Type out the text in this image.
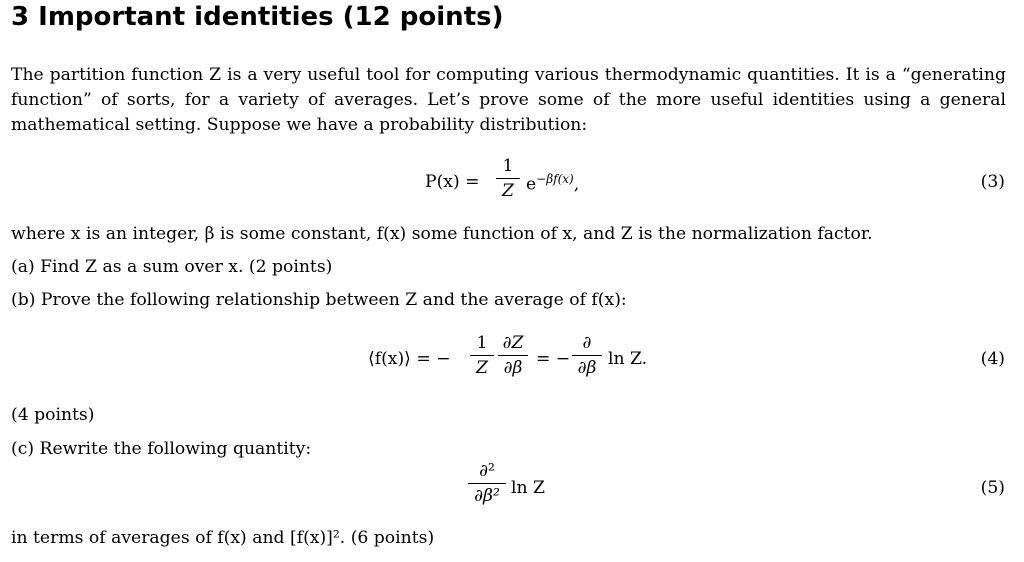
3 Important identities (12 points)
The partition function Z is a very useful tool for computing various thermodynamic quantities. It is a “generating function” of sorts, for a variety of averages. Let’s prove some of the more useful identities using a general mathematical setting. Suppose we have a probability distribution:
P(x) =
1
Z $e^{-\beta f(x)}$,	(3)
where x is an integer, β is some constant, f(x) some function of x, and Z is the normalization factor.
(a) Find Z as a sum over x. (2 points)
(b) Prove the following relationship between Z and the average of f(x):
⟨f(x)⟩ = −
1
Z
∂Z
∂β = −
∂
∂β ln Z.	(4)
(4 points)
(c) Rewrite the following quantity:
∂²
∂β² ln Z	(5)
in terms of averages of f(x) and [f(x)]². (6 points)
